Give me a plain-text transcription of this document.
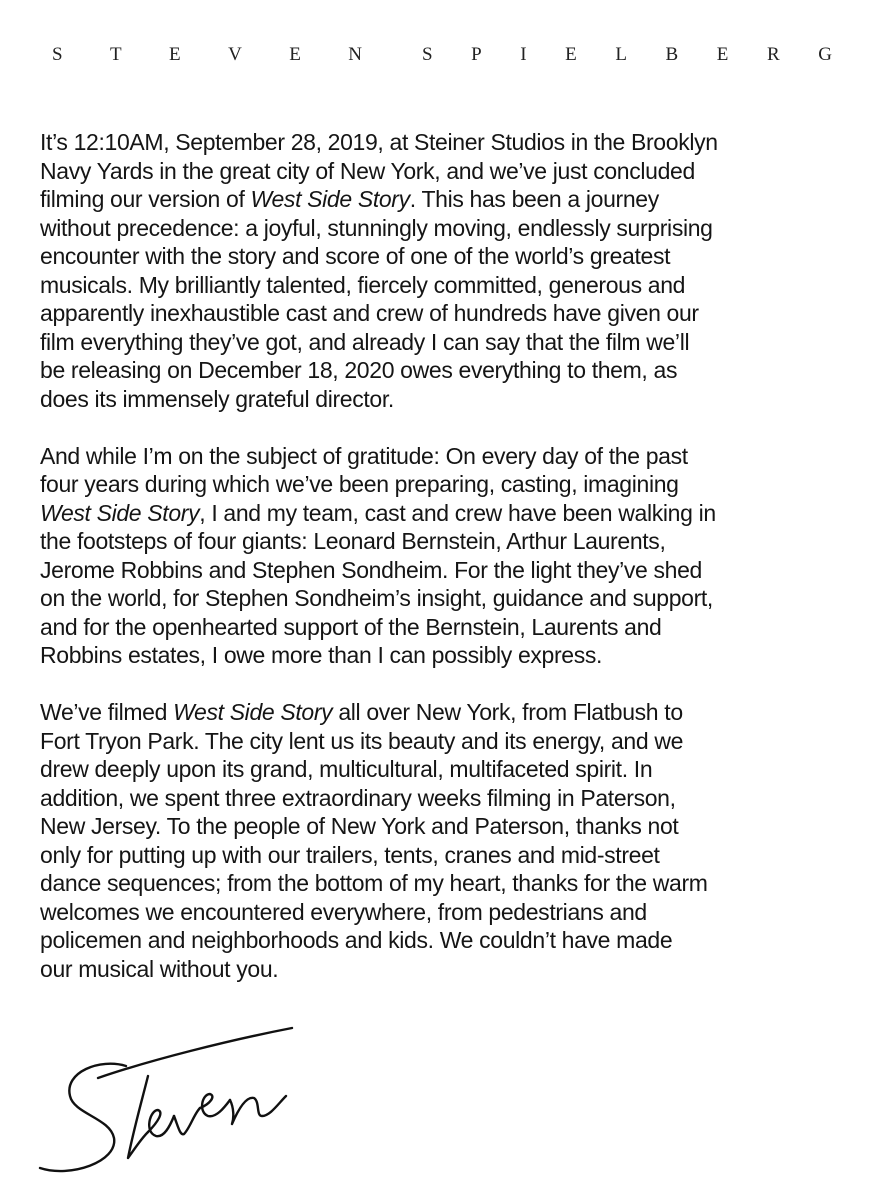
S T E V E N	S P I E L B E R G

It’s 12:10AM, September 28, 2019, at Steiner Studios in the Brooklyn
Navy Yards in the great city of New York, and we’ve just concluded
filming our version of West Side Story. This has been a journey
without precedence: a joyful, stunningly moving, endlessly surprising
encounter with the story and score of one of the world’s greatest
musicals. My brilliantly talented, fiercely committed, generous and
apparently inexhaustible cast and crew of hundreds have given our
film everything they’ve got, and already I can say that the film we’ll
be releasing on December 18, 2020 owes everything to them, as
does its immensely grateful director.

And while I’m on the subject of gratitude: On every day of the past
four years during which we’ve been preparing, casting, imagining
West Side Story, I and my team, cast and crew have been walking in
the footsteps of four giants: Leonard Bernstein, Arthur Laurents,
Jerome Robbins and Stephen Sondheim. For the light they’ve shed
on the world, for Stephen Sondheim’s insight, guidance and support,
and for the openhearted support of the Bernstein, Laurents and
Robbins estates, I owe more than I can possibly express.

We’ve filmed West Side Story all over New York, from Flatbush to
Fort Tryon Park. The city lent us its beauty and its energy, and we
drew deeply upon its grand, multicultural, multifaceted spirit. In
addition, we spent three extraordinary weeks filming in Paterson,
New Jersey. To the people of New York and Paterson, thanks not
only for putting up with our trailers, tents, cranes and mid-street
dance sequences; from the bottom of my heart, thanks for the warm
welcomes we encountered everywhere, from pedestrians and
policemen and neighborhoods and kids. We couldn’t have made
our musical without you.
